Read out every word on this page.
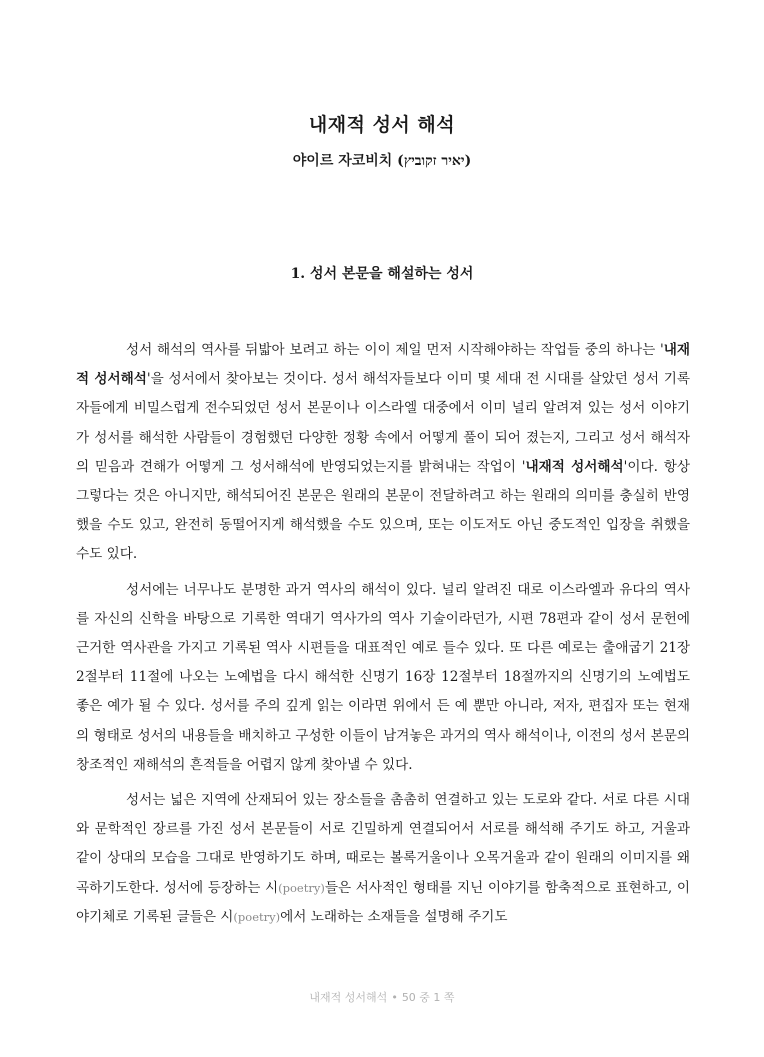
내재적 성서 해석
야이르 자코비치 (יאיר זקוביץ)
1. 성서 본문을 해설하는 성서

성서 해석의 역사를 뒤밟아 보려고 하는 이이 제일 먼저 시작해야하는 작업들 중의 하나는 '내재적 성서해석'을 성서에서 찾아보는 것이다. 성서 해석자들보다 이미 몇 세대 전 시대를 살았던 성서 기록자들에게 비밀스럽게 전수되었던 성서 본문이나 이스라엘 대중에서 이미 널리 알려져 있는 성서 이야기가 성서를 해석한 사람들이 경험했던 다양한 정황 속에서 어떻게 풀이 되어 졌는지, 그리고 성서 해석자의 믿음과 견해가 어떻게 그 성서해석에 반영되었는지를 밝혀내는 작업이 '내재적 성서해석'이다. 항상 그렇다는 것은 아니지만, 해석되어진 본문은 원래의 본문이 전달하려고 하는 원래의 의미를 충실히 반영했을 수도 있고, 완전히 동떨어지게 해석했을 수도 있으며, 또는 이도저도 아닌 중도적인 입장을 취했을 수도 있다.

성서에는 너무나도 분명한 과거 역사의 해석이 있다. 널리 알려진 대로 이스라엘과 유다의 역사를 자신의 신학을 바탕으로 기록한 역대기 역사가의 역사 기술이라던가, 시편 78편과 같이 성서 문헌에 근거한 역사관을 가지고 기록된 역사 시편들을 대표적인 예로 들수 있다. 또 다른 예로는 출애굽기 21장 2절부터 11절에 나오는 노예법을 다시 해석한 신명기 16장 12절부터 18절까지의 신명기의 노예법도 좋은 예가 될 수 있다. 성서를 주의 깊게 읽는 이라면 위에서 든 예 뿐만 아니라, 저자, 편집자 또는 현재의 형태로 성서의 내용들을 배치하고 구성한 이들이 남겨놓은 과거의 역사 해석이나, 이전의 성서 본문의 창조적인 재해석의 흔적들을 어렵지 않게 찾아낼 수 있다.

성서는 넓은 지역에 산재되어 있는 장소들을 촘촘히 연결하고 있는 도로와 같다. 서로 다른 시대와 문학적인 장르를 가진 성서 본문들이 서로 긴밀하게 연결되어서 서로를 해석해 주기도 하고, 거울과 같이 상대의 모습을 그대로 반영하기도 하며, 때로는 볼록거울이나 오목거울과 같이 원래의 이미지를 왜곡하기도한다. 성서에 등장하는 시(poetry)들은 서사적인 형태를 지닌 이야기를 함축적으로 표현하고, 이야기체로 기록된 글들은 시(poetry)에서 노래하는 소재들을 설명해 주기도

내재적 성서해석 • 50 중 1 쪽
